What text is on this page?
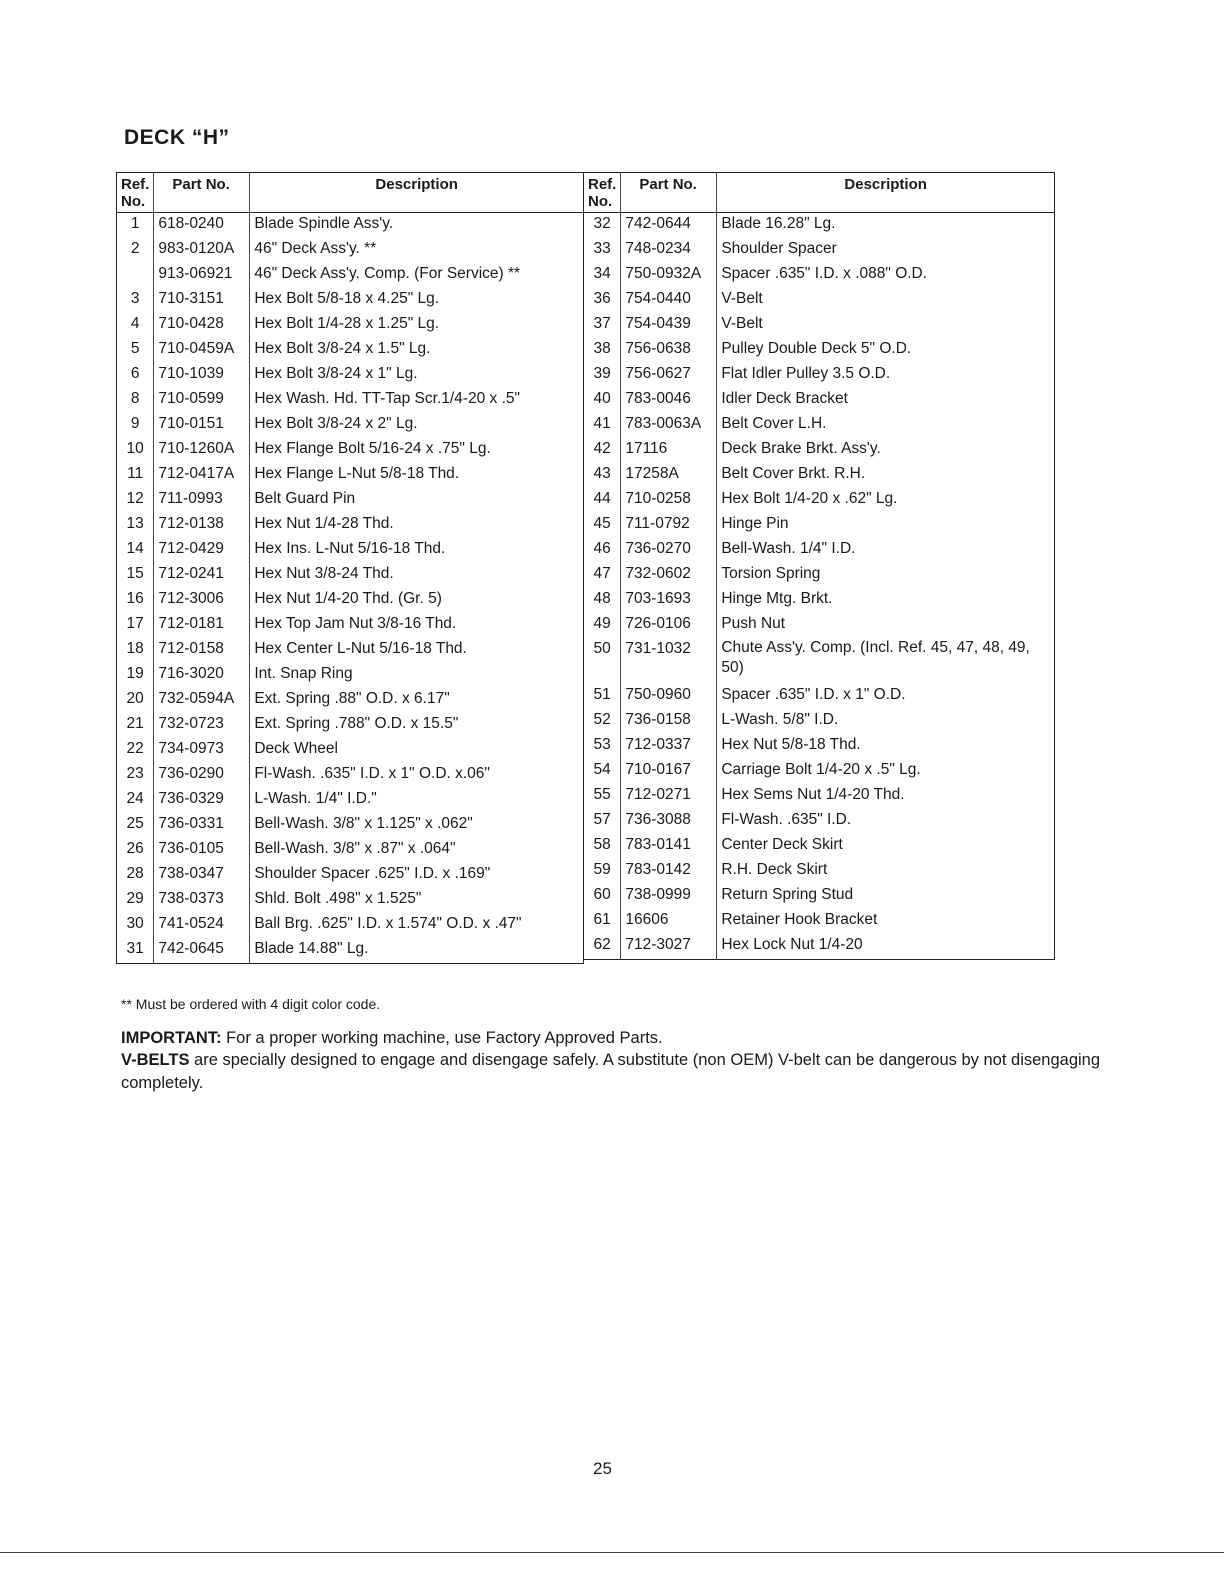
DECK “H”
Ref. No.	Part No.	Description
1	618-0240	Blade Spindle Ass'y.
2	983-0120A	46" Deck Ass'y. **
	913-06921	46" Deck Ass'y. Comp. (For Service) **
3	710-3151	Hex Bolt 5/8-18 x 4.25" Lg.
4	710-0428	Hex Bolt 1/4-28 x 1.25" Lg.
5	710-0459A	Hex Bolt 3/8-24 x 1.5" Lg.
6	710-1039	Hex Bolt 3/8-24 x 1" Lg.
8	710-0599	Hex Wash. Hd. TT-Tap Scr.1/4-20 x .5"
9	710-0151	Hex Bolt 3/8-24 x 2" Lg.
10	710-1260A	Hex Flange Bolt 5/16-24 x .75" Lg.
11	712-0417A	Hex Flange L-Nut 5/8-18 Thd.
12	711-0993	Belt Guard Pin
13	712-0138	Hex Nut 1/4-28 Thd.
14	712-0429	Hex Ins. L-Nut 5/16-18 Thd.
15	712-0241	Hex Nut 3/8-24 Thd.
16	712-3006	Hex Nut 1/4-20 Thd. (Gr. 5)
17	712-0181	Hex Top Jam Nut 3/8-16 Thd.
18	712-0158	Hex Center L-Nut 5/16-18 Thd.
19	716-3020	Int. Snap Ring
20	732-0594A	Ext. Spring .88" O.D. x 6.17"
21	732-0723	Ext. Spring .788" O.D. x 15.5"
22	734-0973	Deck Wheel
23	736-0290	Fl-Wash. .635" I.D. x 1" O.D. x.06"
24	736-0329	L-Wash. 1/4" I.D."
25	736-0331	Bell-Wash. 3/8" x 1.125" x .062"
26	736-0105	Bell-Wash. 3/8" x .87" x .064"
28	738-0347	Shoulder Spacer .625" I.D. x .169"
29	738-0373	Shld. Bolt .498" x 1.525"
30	741-0524	Ball Brg. .625" I.D. x 1.574" O.D. x .47"
31	742-0645	Blade 14.88" Lg.
Ref. No.	Part No.	Description
32	742-0644	Blade 16.28" Lg.
33	748-0234	Shoulder Spacer
34	750-0932A	Spacer .635" I.D. x .088" O.D.
36	754-0440	V-Belt
37	754-0439	V-Belt
38	756-0638	Pulley Double Deck 5" O.D.
39	756-0627	Flat Idler Pulley 3.5 O.D.
40	783-0046	Idler Deck Bracket
41	783-0063A	Belt Cover L.H.
42	17116	Deck Brake Brkt. Ass'y.
43	17258A	Belt Cover Brkt. R.H.
44	710-0258	Hex Bolt 1/4-20 x .62" Lg.
45	711-0792	Hinge Pin
46	736-0270	Bell-Wash. 1/4" I.D.
47	732-0602	Torsion Spring
48	703-1693	Hinge Mtg. Brkt.
49	726-0106	Push Nut
50	731-1032	Chute Ass'y. Comp. (Incl. Ref. 45, 47, 48, 49, 50)
51	750-0960	Spacer .635" I.D. x 1" O.D.
52	736-0158	L-Wash. 5/8" I.D.
53	712-0337	Hex Nut 5/8-18 Thd.
54	710-0167	Carriage Bolt 1/4-20 x .5" Lg.
55	712-0271	Hex Sems Nut 1/4-20 Thd.
57	736-3088	Fl-Wash. .635" I.D.
58	783-0141	Center Deck Skirt
59	783-0142	R.H. Deck Skirt
60	738-0999	Return Spring Stud
61	16606	Retainer Hook Bracket
62	712-3027	Hex Lock Nut 1/4-20
** Must be ordered with 4 digit color code.
IMPORTANT: For a proper working machine, use Factory Approved Parts.
V-BELTS are specially designed to engage and disengage safely. A substitute (non OEM) V-belt can be dangerous by not disengaging completely.
25
